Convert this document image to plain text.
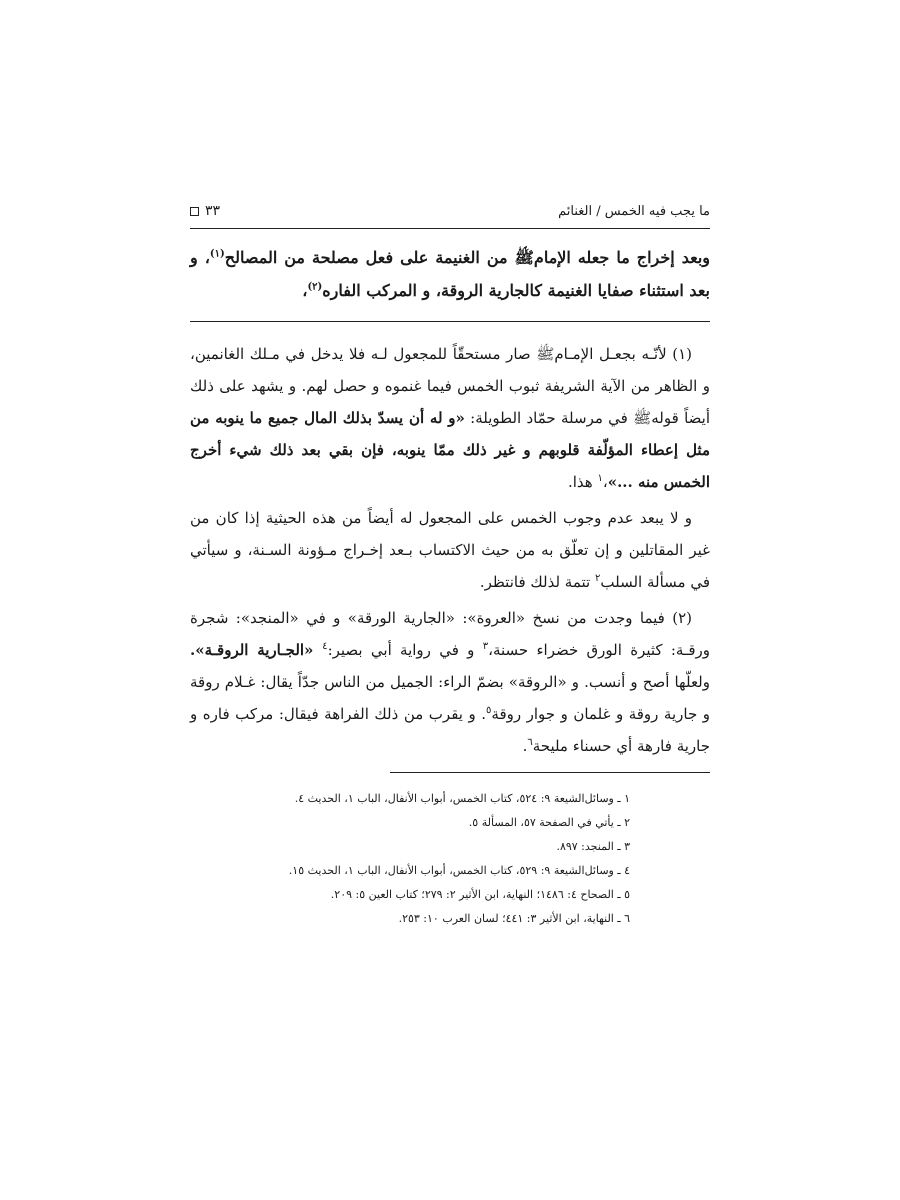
ما يجب فيه الخمس / الغنائم
٣٣
وبعد إخراج ما جعله الإمامﷺ من الغنيمة على فعل مصلحة من المصالح$^{(١)}$، و بعد استثناء صفايا الغنيمة كالجارية الروقة، و المركب الفاره$^{(٢)}$،

(١) لأنّـه بجعـل الإمـامﷺ صار مستحقّاً للمجعول لـه فلا يدخل في مـلك الغانمين، و الظاهر من الآية الشريفة ثبوب الخمس فيما غنموه و حصل لهم. و يشهد على ذلك أيضاً قولهﷺ في مرسلة حمّاد الطويلة: «و له أن يسدّ بذلك المال جميع ما ينوبه من مثل إعطاء المؤلّفة قلوبهم و غير ذلك ممّا ينوبه، فإن بقي بعد ذلك شيء أخرج الخمس منه ...»،$^١$ هذا.

و لا يبعد عدم وجوب الخمس على المجعول له أيضاً من هذه الحيثية إذا كان من غير المقاتلين و إن تعلّق به من حيث الاكتساب بـعد إخـراج مـؤونة السـنة، و سيأتي في مسألة السلب$^٢$ تتمة لذلك فانتظر.

(٢) فيما وجدت من نسخ «العروة»: «الجارية الورقة» و في «المنجد»: شجرة ورقـة: كثيرة الورق خضراء حسنة،$^٣$ و في رواية أبي بصير:$^٤$ «الجـارية الروقـة». ولعلّها أصح و أنسب. و «الروقة» بضمّ الراء: الجميل من الناس جدّاً يقال: غـلام روقة و جارية روقة و غلمان و جوار روقة$^٥$. و يقرب من ذلك الفراهة فيقال: مركب فاره و جارية فارهة أي حسناء مليحة$^٦$.

١ ـ وسائل‌الشيعة ٩: ٥٢٤، كتاب الخمس، أبواب الأنفال، الباب ١، الحديث ٤.
٢ ـ يأتي في الصفحة ٥٧، المسألة ٥.
٣ ـ المنجد: ٨٩٧.
٤ ـ وسائل‌الشيعة ٩: ٥٢٩، كتاب الخمس، أبواب الأنفال، الباب ١، الحديث ١٥.
٥ ـ الصحاح ٤: ١٤٨٦؛ النهاية، ابن الأثير ٢: ٢٧٩؛ كتاب العين ٥: ٢٠٩.
٦ ـ النهاية، ابن الأثير ٣: ٤٤١؛ لسان العرب ١٠: ٢٥٣.
